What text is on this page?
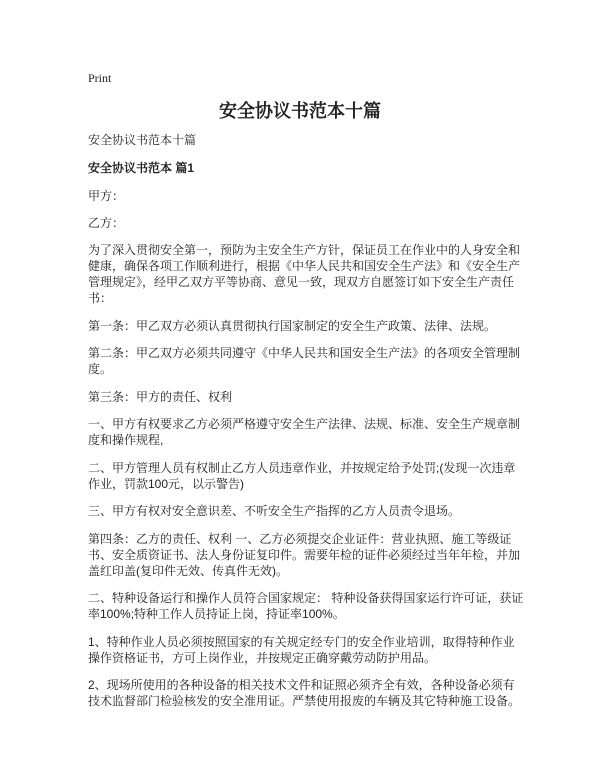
Print
安全协议书范本十篇

安全协议书范本十篇

安全协议书范本 篇1

甲方：

乙方：

为了深入贯彻安全第一，预防为主安全生产方针，保证员工在作业中的人身安全和健康，确保各项工作顺利进行，根据《中华人民共和国安全生产法》和《安全生产管理规定》，经甲乙双方平等协商、意见一致，现双方自愿签订如下安全生产责任书：

第一条：甲乙双方必须认真贯彻执行国家制定的安全生产政策、法律、法规。

第二条：甲乙双方必须共同遵守《中华人民共和国安全生产法》的各项安全管理制度。

第三条：甲方的责任、权利

一、甲方有权要求乙方必须严格遵守安全生产法律、法规、标准、安全生产规章制度和操作规程,

二、甲方管理人员有权制止乙方人员违章作业，并按规定给予处罚;(发现一次违章作业，罚款100元，以示警告)

三、甲方有权对安全意识差、不听安全生产指挥的乙方人员责令退场。

第四条：乙方的责任、权利 一、乙方必须提交企业证件：营业执照、施工等级证书、安全质资证书、法人身份证复印件。需要年检的证件必须经过当年年检，并加盖红印盖(复印件无效、传真件无效)。

二、特种设备运行和操作人员符合国家规定： 特种设备获得国家运行许可证，获证率100%;特种工作人员持证上岗，持证率100%。

1、特种作业人员必须按照国家的有关规定经专门的安全作业培训，取得特种作业操作资格证书，方可上岗作业，并按规定正确穿戴劳动防护用品。

2、现场所使用的各种设备的相关技术文件和证照必须齐全有效，各种设备必须有技术监督部门检验核发的安全准用证。严禁使用报废的车辆及其它特种施工设备。
